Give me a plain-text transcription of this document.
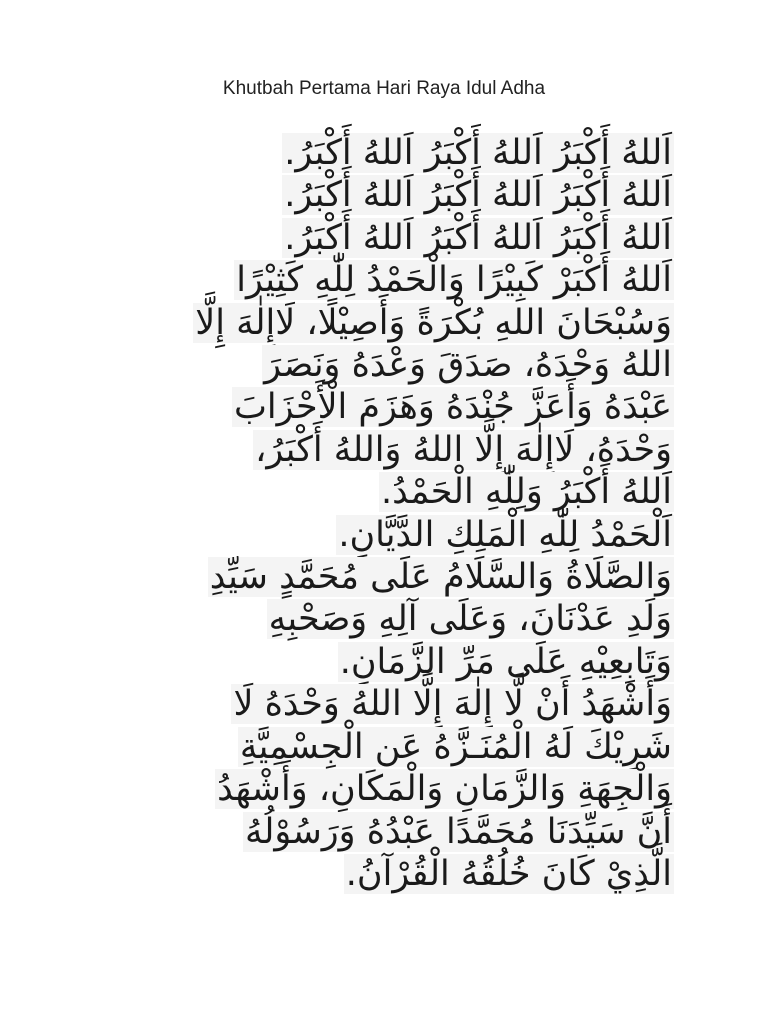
Khutbah Pertama Hari Raya Idul Adha

اَللهُ أَكْبَرُ اَللهُ أَكْبَرُ اَللهُ أَكْبَرُ.
اَللهُ أَكْبَرُ اَللهُ أَكْبَرُ اَللهُ أَكْبَرُ.
اَللهُ أَكْبَرُ اَللهُ أَكْبَرُ اَللهُ أَكْبَرُ.
اَللهُ أَكْبَرْ كَبِيْرًا وَالْحَمْدُ لِلّٰهِ كَثِيْرًا
وَسُبْحَانَ اللهِ بُكْرَةً وَأَصِيْلًا، لَاإِلٰهَ إِلَّا
اللهُ وَحْدَهُ، صَدَقَ وَعْدَهُ وَنَصَرَ
عَبْدَهُ وَأَعَزَّ جُنْدَهُ وَهَزَمَ الْأَحْزَابَ
وَحْدَهُ، لَاإِلٰهَ إِلَّا اللهُ وَاللهُ أَكْبَرُ،
اَللهُ أَكْبَرُ وَلِلّٰهِ الْحَمْدُ.
اَلْحَمْدُ لِلّٰهِ الْمَلِكِ الدَّيَّانِ.
وَالصَّلَاةُ وَالسَّلَامُ عَلَى مُحَمَّدٍ سَيِّدِ
وَلَدِ عَدْنَانَ، وَعَلَى آلِهِ وَصَحْبِهِ
وَتَابِعِيْهِ عَلَى مَرِّ الزَّمَانِ.
وَأَشْهَدُ أَنْ لَّا إِلٰهَ إِلَّا اللهُ وَحْدَهُ لَا
شَرِيْكَ لَهُ الْمُنَـزَّهُ عَنِ الْجِسْمِيَّةِ
وَالْجِهَةِ وَالزَّمَانِ وَالْمَكَانِ، وَأَشْهَدُ
أَنَّ سَيِّدَنَا مُحَمَّدًا عَبْدُهُ وَرَسُوْلُهُ
الَّذِيْ كَانَ خُلُقُهُ الْقُرْآنُ.
